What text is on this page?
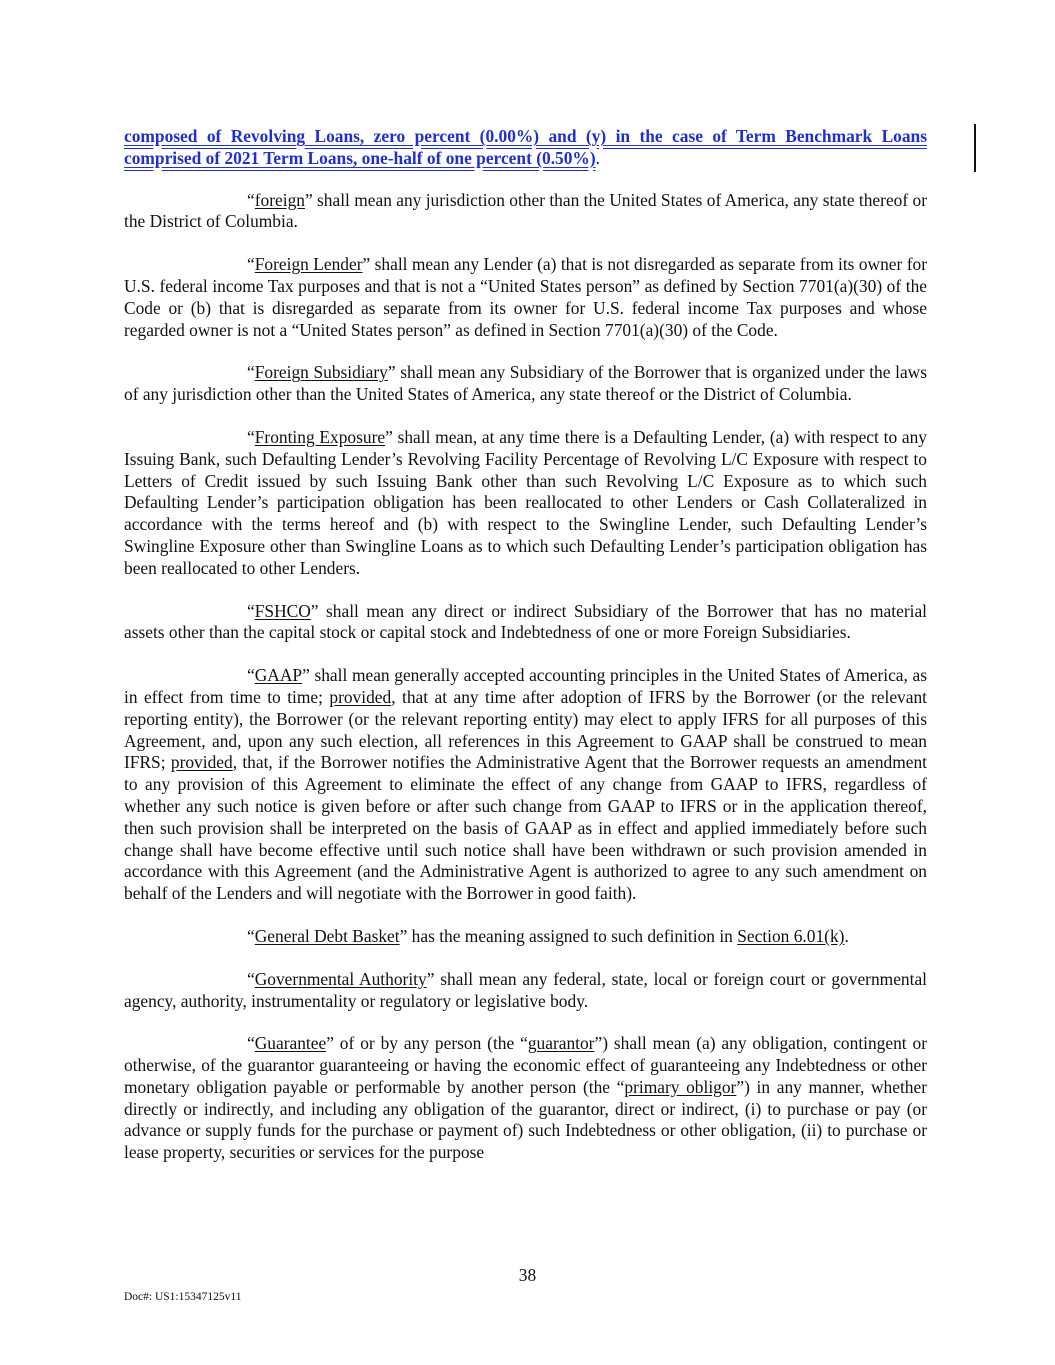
composed of Revolving Loans, zero percent (0.00%) and (y) in the case of Term Benchmark Loans comprised of 2021 Term Loans, one-half of one percent (0.50%).

“foreign” shall mean any jurisdiction other than the United States of America, any state thereof or the District of Columbia.

“Foreign Lender” shall mean any Lender (a) that is not disregarded as separate from its owner for U.S. federal income Tax purposes and that is not a “United States person” as defined by Section 7701(a)(30) of the Code or (b) that is disregarded as separate from its owner for U.S. federal income Tax purposes and whose regarded owner is not a “United States person” as defined in Section 7701(a)(30) of the Code.

“Foreign Subsidiary” shall mean any Subsidiary of the Borrower that is organized under the laws of any jurisdiction other than the United States of America, any state thereof or the District of Columbia.

“Fronting Exposure” shall mean, at any time there is a Defaulting Lender, (a) with respect to any Issuing Bank, such Defaulting Lender’s Revolving Facility Percentage of Revolving L/C Exposure with respect to Letters of Credit issued by such Issuing Bank other than such Revolving L/C Exposure as to which such Defaulting Lender’s participation obligation has been reallocated to other Lenders or Cash Collateralized in accordance with the terms hereof and (b) with respect to the Swingline Lender, such Defaulting Lender’s Swingline Exposure other than Swingline Loans as to which such Defaulting Lender’s participation obligation has been reallocated to other Lenders.

“FSHCO” shall mean any direct or indirect Subsidiary of the Borrower that has no material assets other than the capital stock or capital stock and Indebtedness of one or more Foreign Subsidiaries.

“GAAP” shall mean generally accepted accounting principles in the United States of America, as in effect from time to time; provided, that at any time after adoption of IFRS by the Borrower (or the relevant reporting entity), the Borrower (or the relevant reporting entity) may elect to apply IFRS for all purposes of this Agreement, and, upon any such election, all references in this Agreement to GAAP shall be construed to mean IFRS; provided, that, if the Borrower notifies the Administrative Agent that the Borrower requests an amendment to any provision of this Agreement to eliminate the effect of any change from GAAP to IFRS, regardless of whether any such notice is given before or after such change from GAAP to IFRS or in the application thereof, then such provision shall be interpreted on the basis of GAAP as in effect and applied immediately before such change shall have become effective until such notice shall have been withdrawn or such provision amended in accordance with this Agreement (and the Administrative Agent is authorized to agree to any such amendment on behalf of the Lenders and will negotiate with the Borrower in good faith).

“General Debt Basket” has the meaning assigned to such definition in Section 6.01(k).

“Governmental Authority” shall mean any federal, state, local or foreign court or governmental agency, authority, instrumentality or regulatory or legislative body.

“Guarantee” of or by any person (the “guarantor”) shall mean (a) any obligation, contingent or otherwise, of the guarantor guaranteeing or having the economic effect of guaranteeing any Indebtedness or other monetary obligation payable or performable by another person (the “primary obligor”) in any manner, whether directly or indirectly, and including any obligation of the guarantor, direct or indirect, (i) to purchase or pay (or advance or supply funds for the purchase or payment of) such Indebtedness or other obligation, (ii) to purchase or lease property, securities or services for the purpose

38
Doc#: US1:15347125v11
